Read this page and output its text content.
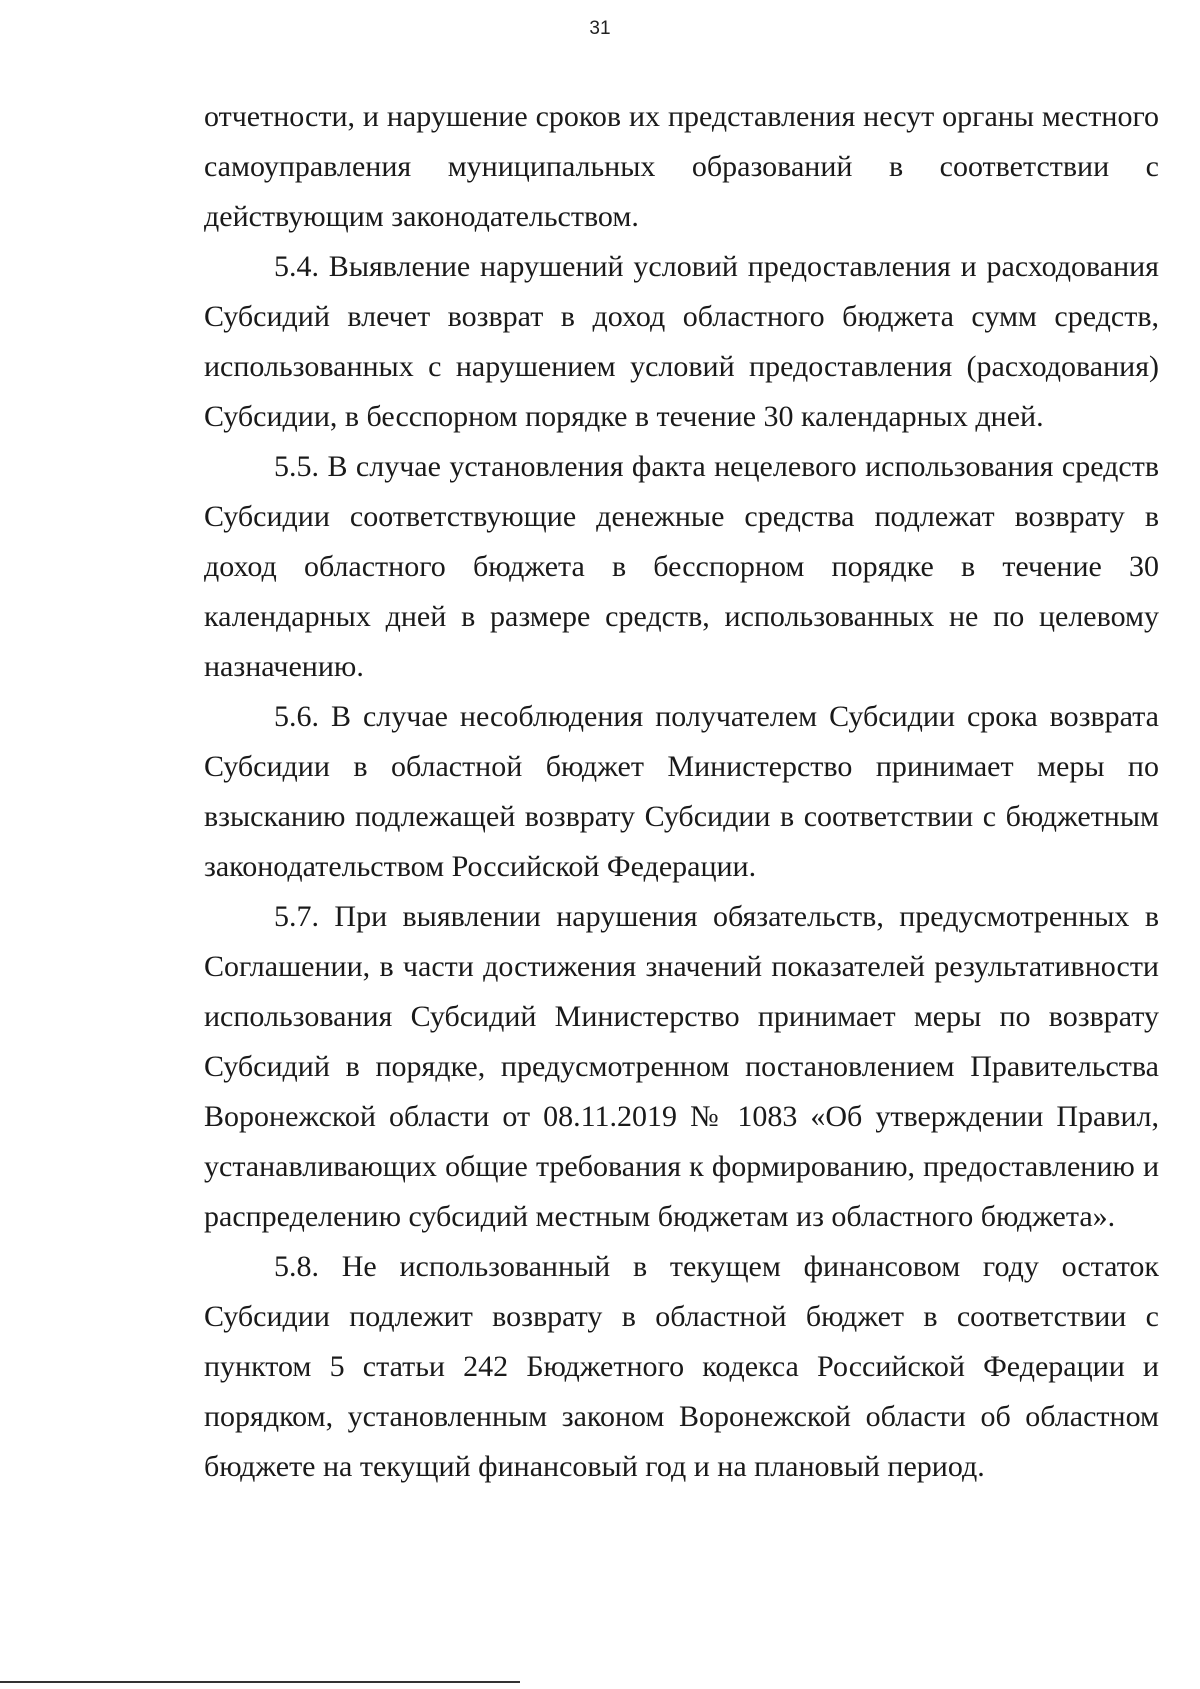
31

отчетности, и нарушение сроков их представления несут органы местного самоуправления муниципальных образований в соответствии с действующим законодательством.

5.4. Выявление нарушений условий предоставления и расходования Субсидий влечет возврат в доход областного бюджета сумм средств, использованных с нарушением условий предоставления (расходования) Субсидии, в бесспорном порядке в течение 30 календарных дней.

5.5. В случае установления факта нецелевого использования средств Субсидии соответствующие денежные средства подлежат возврату в доход областного бюджета в бесспорном порядке в течение 30 календарных дней в размере средств, использованных не по целевому назначению.

5.6. В случае несоблюдения получателем Субсидии срока возврата Субсидии в областной бюджет Министерство принимает меры по взысканию подлежащей возврату Субсидии в соответствии с бюджетным законодательством Российской Федерации.

5.7. При выявлении нарушения обязательств, предусмотренных в Соглашении, в части достижения значений показателей результативности использования Субсидий Министерство принимает меры по возврату Субсидий в порядке, предусмотренном постановлением Правительства Воронежской области от 08.11.2019 № 1083 «Об утверждении Правил, устанавливающих общие требования к формированию, предоставлению и распределению субсидий местным бюджетам из областного бюджета».

5.8. Не использованный в текущем финансовом году остаток Субсидии подлежит возврату в областной бюджет в соответствии с пунктом 5 статьи 242 Бюджетного кодекса Российской Федерации и порядком, установленным законом Воронежской области об областном бюджете на текущий финансовый год и на плановый период.
